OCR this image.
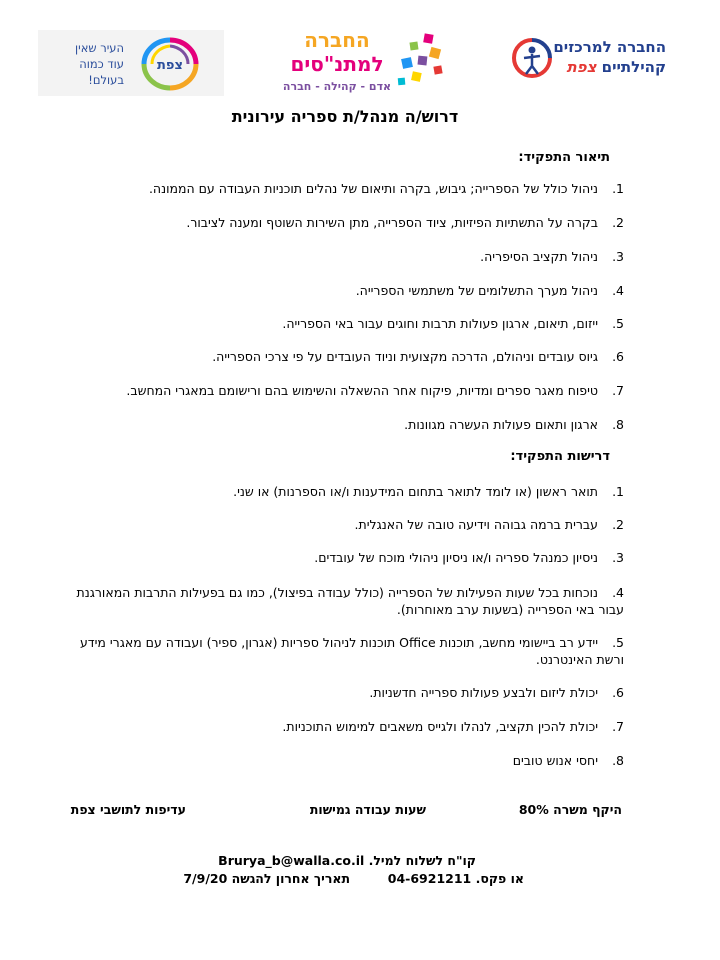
החברה למרכזים
קהילתיים צפת
החברה
למתנ"סים
אדם - קהילה - חברה
העיר שאין
עוד כמוה
בעולם!
צפת
דרוש/ה מנהל/ת ספריה עירונית
תיאור התפקיד:
1.ניהול כולל של הספרייה; גיבוש, בקרה ותיאום של נהלים תוכניות העבודה עם הממונה.
2.בקרה על התשתיות הפיזיות, ציוד הספרייה, מתן השירות השוטף ומענה לציבור.
3.ניהול תקציב הסיפריה.
4.ניהול מערך התשלומים של משתמשי הספרייה.
5.ייזום, תיאום, ארגון פעולות תרבות וחוגים עבור באי הספרייה.
6.גיוס עובדים וניהולם, הדרכה מקצועית וניוד העובדים על פי צרכי הספרייה.
7.טיפוח מאגר ספרים ומדיות, פיקוח אחר ההשאלה והשימוש בהם ורישומם במאגרי המחשב.
8.ארגון ותאום פעולות העשרה מגוונות.
דרישות התפקיד:
1.תואר ראשון (או לומד לתואר בתחום המידענות ו/או הספרנות) או שני.
2.עברית ברמה גבוהה וידיעה טובה של האנגלית.
3.ניסיון כמנהל ספריה ו/או ניסיון ניהולי מוכח של עובדים.
4.נוכחות בכל שעות הפעילות של הספרייה (כולל עבודה בפיצול), כמו גם בפעילות התרבות המאורגנת עבור באי הספרייה (בשעות ערב מאוחרות).
5.יידע רב ביישומי מחשב, תוכנות Office תוכנות לניהול ספריות (אגרון, ספיר) ועבודה עם מאגרי מידע ורשת האינטרנט.
6.יכולת ליזום ולבצע פעולות ספרייה חדשניות.
7.יכולת להכין תקציב, לנהלו ולגייס משאבים למימוש התוכניות.
8.יחסי אנוש טובים
היקף משרה 80%
שעות עבודה גמישות
עדיפות לתושבי צפת
קו"ח לשלוח למיל. Brurya_b@walla.co.il
או פקס. 04-6921211
תאריך אחרון להגשה 7/9/20
